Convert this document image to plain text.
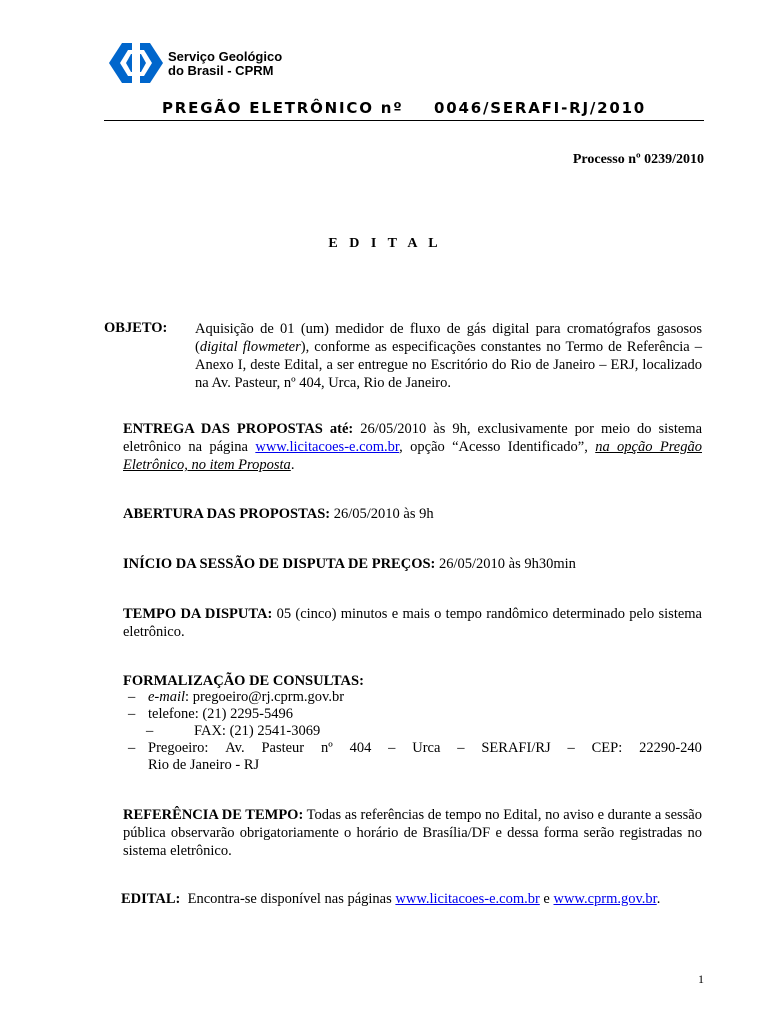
Serviço Geológico
do Brasil - CPRM
PREGÃO ELETRÔNICO nº 0046/SERAFI-RJ/2010
Processo nº 0239/2010
E D I T A L
OBJETO: Aquisição de 01 (um) medidor de fluxo de gás digital para cromatógrafos gasosos (digital flowmeter), conforme as especificações constantes no Termo de Referência – Anexo I, deste Edital, a ser entregue no Escritório do Rio de Janeiro – ERJ, localizado na Av. Pasteur, nº 404, Urca, Rio de Janeiro.
ENTREGA DAS PROPOSTAS até: 26/05/2010 às 9h, exclusivamente por meio do sistema eletrônico na página www.licitacoes-e.com.br, opção “Acesso Identificado”, na opção Pregão Eletrônico, no item Proposta.
ABERTURA DAS PROPOSTAS: 26/05/2010 às 9h
INÍCIO DA SESSÃO DE DISPUTA DE PREÇOS: 26/05/2010 às 9h30min
TEMPO DA DISPUTA: 05 (cinco) minutos e mais o tempo randômico determinado pelo sistema eletrônico.
FORMALIZAÇÃO DE CONSULTAS:
– e-mail: pregoeiro@rj.cprm.gov.br
– telefone: (21) 2295-5496
–	FAX: (21) 2541-3069
– Pregoeiro: Av. Pasteur nº 404 – Urca – SERAFI/RJ – CEP: 22290-240
Rio de Janeiro - RJ
REFERÊNCIA DE TEMPO: Todas as referências de tempo no Edital, no aviso e durante a sessão pública observarão obrigatoriamente o horário de Brasília/DF e dessa forma serão registradas no sistema eletrônico.
EDITAL:  Encontra-se disponível nas páginas www.licitacoes-e.com.br e www.cprm.gov.br.
1
